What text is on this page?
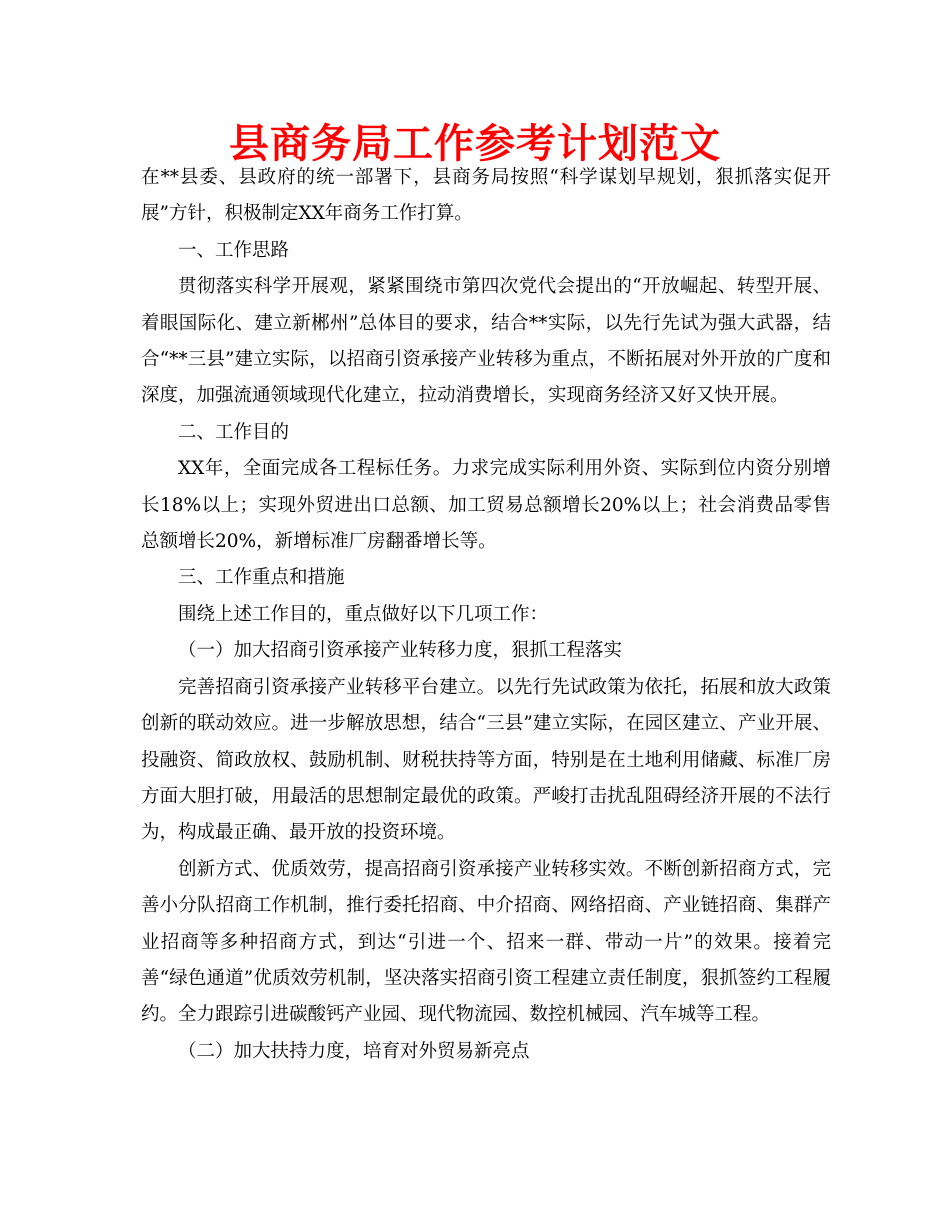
县商务局工作参考计划范文

在**县委、县政府的统一部署下，县商务局按照“科学谋划早规划，狠抓落实促开展”方针，积极制定XX年商务工作打算。

一、工作思路

贯彻落实科学开展观，紧紧围绕市第四次党代会提出的“开放崛起、转型开展、着眼国际化、建立新郴州”总体目的要求，结合**实际，以先行先试为强大武器，结合“**三县”建立实际，以招商引资承接产业转移为重点，不断拓展对外开放的广度和深度，加强流通领域现代化建立，拉动消费增长，实现商务经济又好又快开展。

二、工作目的

XX年，全面完成各工程标任务。力求完成实际利用外资、实际到位内资分别增长18%以上；实现外贸进出口总额、加工贸易总额增长20%以上；社会消费品零售总额增长20%，新增标准厂房翻番增长等。

三、工作重点和措施

围绕上述工作目的，重点做好以下几项工作：

（一）加大招商引资承接产业转移力度，狠抓工程落实

完善招商引资承接产业转移平台建立。以先行先试政策为依托，拓展和放大政策创新的联动效应。进一步解放思想，结合“三县”建立实际，在园区建立、产业开展、投融资、简政放权、鼓励机制、财税扶持等方面，特别是在土地利用储藏、标准厂房方面大胆打破，用最活的思想制定最优的政策。严峻打击扰乱阻碍经济开展的不法行为，构成最正确、最开放的投资环境。

创新方式、优质效劳，提高招商引资承接产业转移实效。不断创新招商方式，完善小分队招商工作机制，推行委托招商、中介招商、网络招商、产业链招商、集群产业招商等多种招商方式，到达“引进一个、招来一群、带动一片”的效果。接着完善“绿色通道”优质效劳机制，坚决落实招商引资工程建立责任制度，狠抓签约工程履约。全力跟踪引进碳酸钙产业园、现代物流园、数控机械园、汽车城等工程。

（二）加大扶持力度，培育对外贸易新亮点
